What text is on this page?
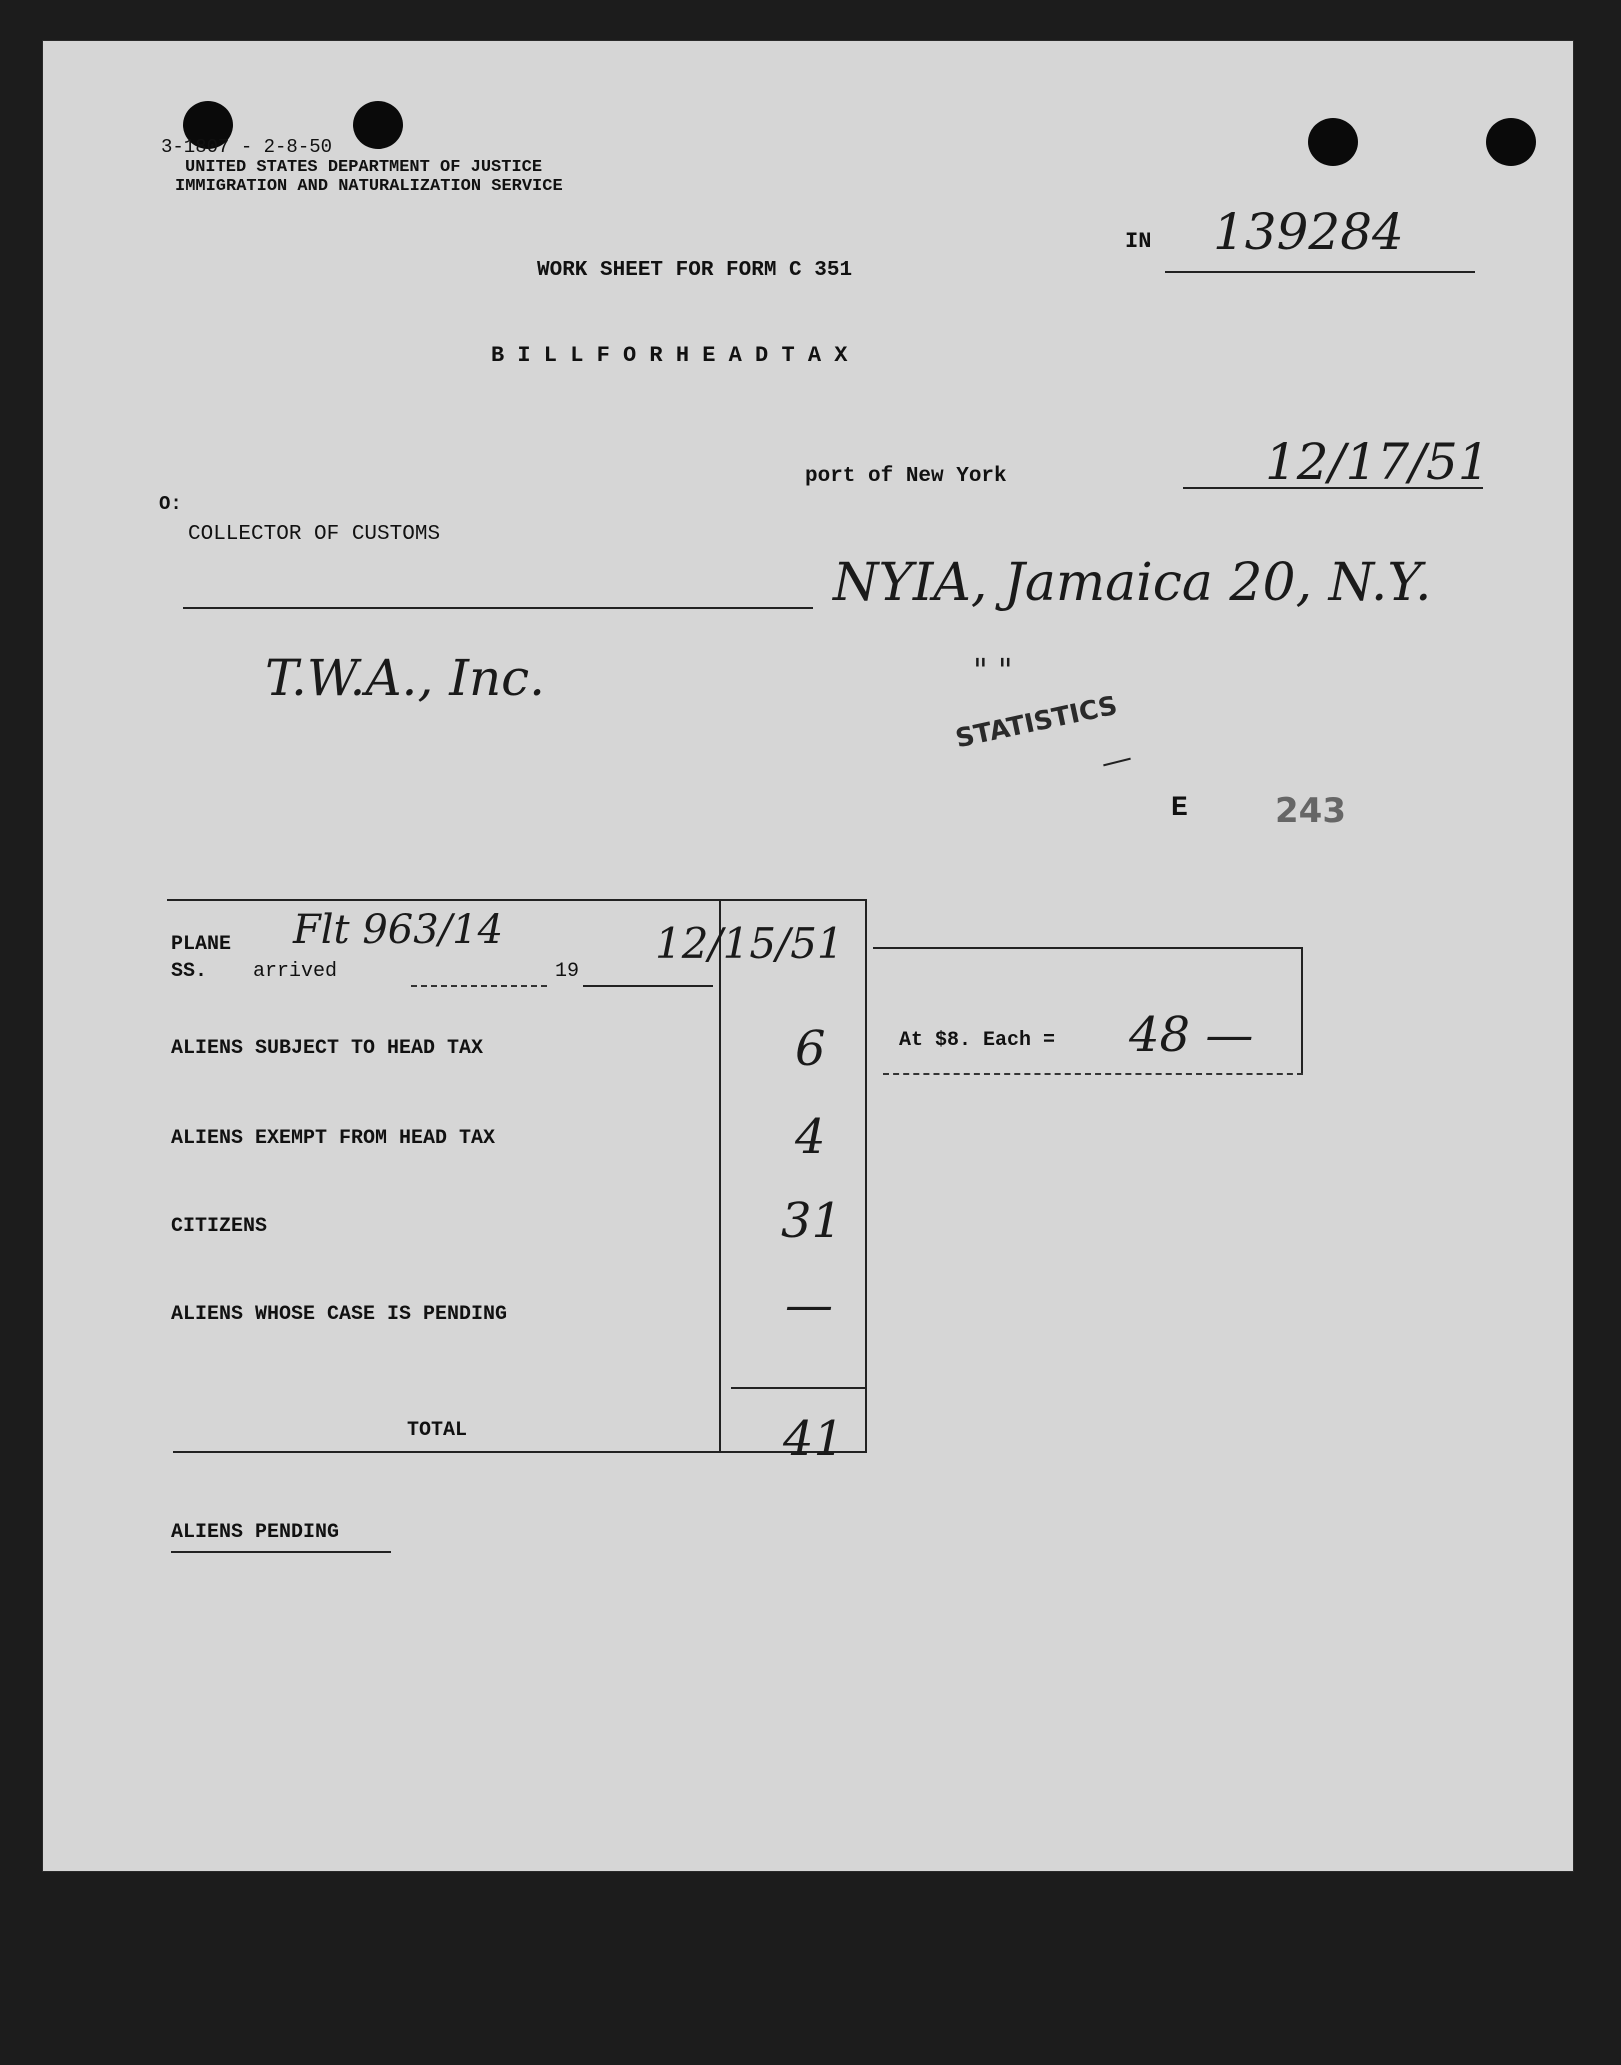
3-1807 - 2-8-50
UNITED STATES DEPARTMENT OF JUSTICE
IMMIGRATION AND NATURALIZATION SERVICE
IN 139284
WORK SHEET FOR FORM C 351
B I L L F O R H E A D T A X
port of New York	12/17/51
O:
COLLECTOR OF CUSTOMS
NYIA, Jamaica 20, N.Y.
T.W.A., Inc.	" "
STATISTICS
E	243
PLANE
SS. arrived
Flt 963/14
19
12/15/51
ALIENS SUBJECT TO HEAD TAX	6
ALIENS EXEMPT FROM HEAD TAX	4
CITIZENS	31
ALIENS WHOSE CASE IS PENDING	—
TOTAL	41
At $8. Each = 48 —
ALIENS PENDING
